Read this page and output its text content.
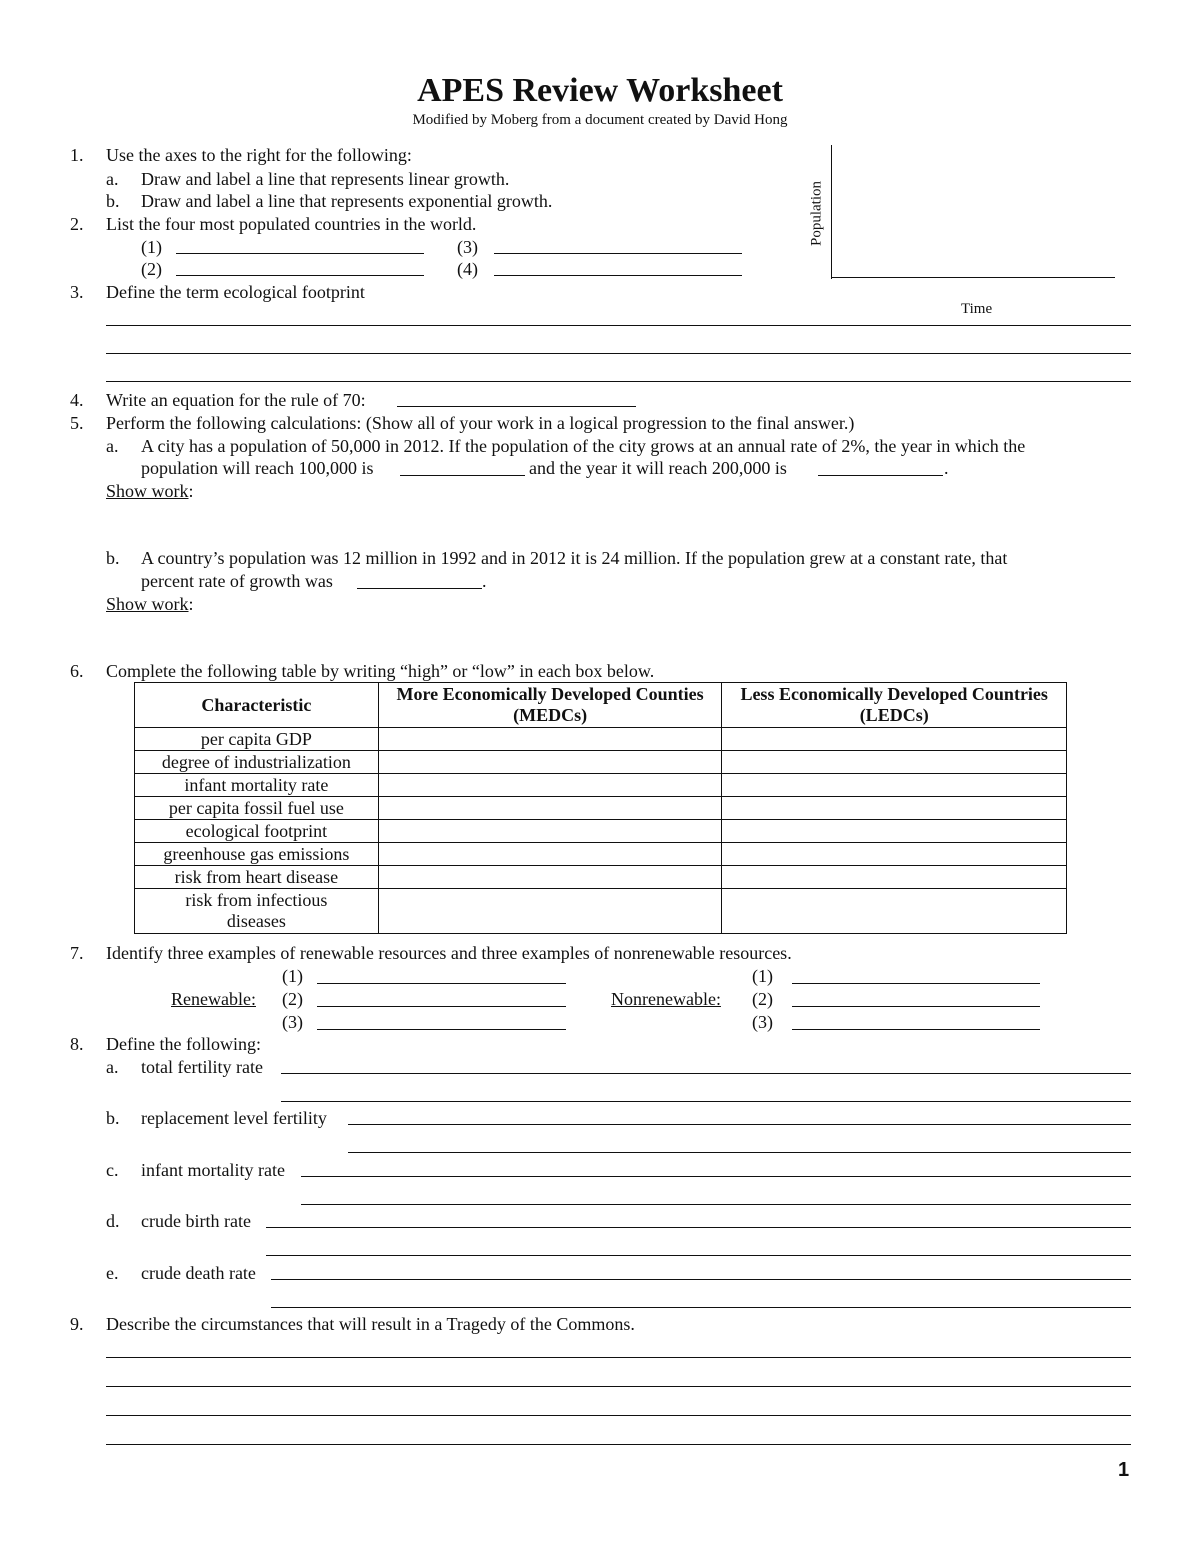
APES Review Worksheet
Modified by Moberg from a document created by David Hong
1. Use the axes to the right for the following:
a. Draw and label a line that represents linear growth.
b. Draw and label a line that represents exponential growth.	Population
Time
2. List the four most populated countries in the world.
(1)	(3)
(2)	(4)
3. Define the term ecological footprint
4. Write an equation for the rule of 70:
5. Perform the following calculations: (Show all of your work in a logical progression to the final answer.)
a. A city has a population of 50,000 in 2012. If the population of the city grows at an annual rate of 2%, the year in which the
population will reach 100,000 is	and the year it will reach 200,000 is	.
Show work:
b. A country’s population was 12 million in 1992 and in 2012 it is 24 million. If the population grew at a constant rate, that
percent rate of growth was	.
Show work:
6. Complete the following table by writing “high” or “low” in each box below.
Characteristic	More Economically Developed Counties (MEDCs)	Less Economically Developed Countries (LEDCs)
per capita GDP		
degree of industrialization		
infant mortality rate		
per capita fossil fuel use		
ecological footprint		
greenhouse gas emissions		
risk from heart disease		
risk from infectious diseases		
7. Identify three examples of renewable resources and three examples of nonrenewable resources.
(1)
Renewable: (2)
(3)
(1)
Nonrenewable: (2)
(3)
8. Define the following:
a. total fertility rate
b. replacement level fertility
c. infant mortality rate
d. crude birth rate
e. crude death rate
9. Describe the circumstances that will result in a Tragedy of the Commons.
1
